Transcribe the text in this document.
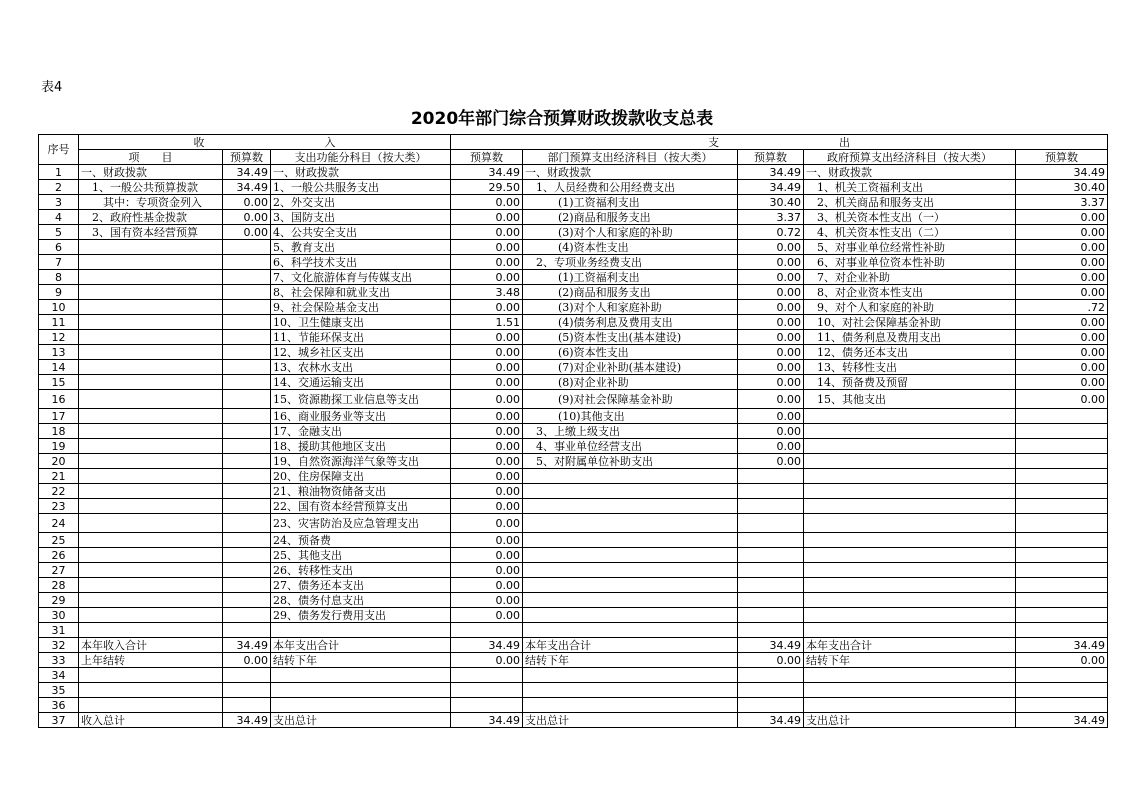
表4
2020年部门综合预算财政拨款收支总表
序号	收 入			支 出				
	项　　目	预算数	支出功能分科目（按大类）	预算数	部门预算支出经济科目（按大类）	预算数	政府预算支出经济科目（按大类）	预算数
1	一、财政拨款	34.49	一、财政拨款	34.49	一、财政拨款	34.49	一、财政拨款	34.49
2	　1、一般公共预算拨款	34.49	1、一般公共服务支出	29.50	　1、人员经费和公用经费支出	34.49	　1、机关工资福利支出	30.40
3	　　其中：专项资金列入	0.00	2、外交支出	0.00	　　　(1)工资福利支出	30.40	　2、机关商品和服务支出	3.37
4	　2、政府性基金拨款	0.00	3、国防支出	0.00	　　　(2)商品和服务支出	3.37	　3、机关资本性支出（一）	0.00
5	　3、国有资本经营预算	0.00	4、公共安全支出	0.00	　　　(3)对个人和家庭的补助	0.72	　4、机关资本性支出（二）	0.00
6			5、教育支出	0.00	　　　(4)资本性支出	0.00	　5、对事业单位经常性补助	0.00
7			6、科学技术支出	0.00	　2、专项业务经费支出	0.00	　6、对事业单位资本性补助	0.00
8			7、文化旅游体育与传媒支出	0.00	　　　(1)工资福利支出	0.00	　7、对企业补助	0.00
9			8、社会保障和就业支出	3.48	　　　(2)商品和服务支出	0.00	　8、对企业资本性支出	0.00
10			9、社会保险基金支出	0.00	　　　(3)对个人和家庭补助	0.00	　9、对个人和家庭的补助	.72
11			10、卫生健康支出	1.51	　　　(4)债务利息及费用支出	0.00	　10、对社会保障基金补助	0.00
12			11、节能环保支出	0.00	　　　(5)资本性支出(基本建设)	0.00	　11、债务利息及费用支出	0.00
13			12、城乡社区支出	0.00	　　　(6)资本性支出	0.00	　12、债务还本支出	0.00
14			13、农林水支出	0.00	　　　(7)对企业补助(基本建设)	0.00	　13、转移性支出	0.00
15			14、交通运输支出	0.00	　　　(8)对企业补助	0.00	　14、预备费及预留	0.00
16			15、资源勘探工业信息等支出	0.00	　　　(9)对社会保障基金补助	0.00	　15、其他支出	0.00
17			16、商业服务业等支出	0.00	　　　(10)其他支出	0.00		
18			17、金融支出	0.00	　3、上缴上级支出	0.00		
19			18、援助其他地区支出	0.00	　4、事业单位经营支出	0.00		
20			19、自然资源海洋气象等支出	0.00	　5、对附属单位补助支出	0.00		
21			20、住房保障支出	0.00				
22			21、粮油物资储备支出	0.00				
23			22、国有资本经营预算支出	0.00				
24			23、灾害防治及应急管理支出	0.00				
25			24、预备费	0.00				
26			25、其他支出	0.00				
27			26、转移性支出	0.00				
28			27、债务还本支出	0.00				
29			28、债务付息支出	0.00				
30			29、债务发行费用支出	0.00				
31								
32	本年收入合计	34.49	本年支出合计	34.49	本年支出合计	34.49	本年支出合计	34.49
33	上年结转	0.00	结转下年	0.00	结转下年	0.00	结转下年	0.00
34								
35								
36								
37	收入总计	34.49	支出总计	34.49	支出总计	34.49	支出总计	34.49
